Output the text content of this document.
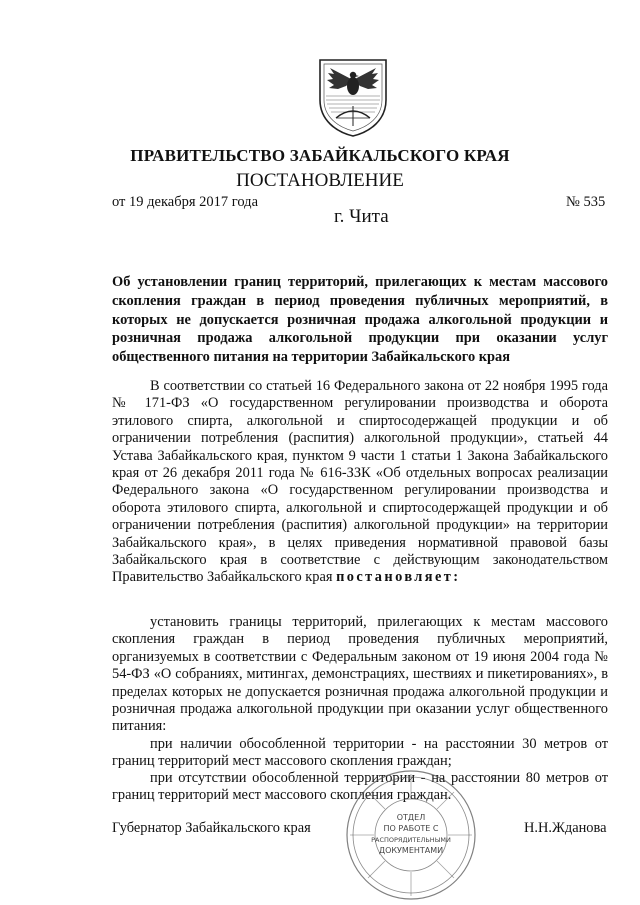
ПРАВИТЕЛЬСТВО ЗАБАЙКАЛЬСКОГО КРАЯ
ПОСТАНОВЛЕНИЕ
от 19 декабря 2017 года	№ 535
г. Чита
Об установлении границ территорий, прилегающих к местам массового скопления граждан в период проведения публичных мероприятий, в которых не допускается розничная продажа алкогольной продукции и розничная продажа алкогольной продукции при оказании услуг общественного питания на территории Забайкальского края
В соответствии со статьей 16 Федерального закона от 22 ноября 1995 года № 171-ФЗ «О государственном регулировании производства и оборота этилового спирта, алкогольной и спиртосодержащей продукции и об ограничении потребления (распития) алкогольной продукции», статьей 44 Устава Забайкальского края, пунктом 9 части 1 статьи 1 Закона Забайкальского края от 26 декабря 2011 года № 616-ЗЗК «Об отдельных вопросах реализации Федерального закона «О государственном регулировании производства и оборота этилового спирта, алкогольной и спиртосодержащей продукции и об ограничении потребления (распития) алкогольной продукции» на территории Забайкальского края», в целях приведения нормативной правовой базы Забайкальского края в соответствие с действующим законодательством Правительство Забайкальского края постановляет:
установить границы территорий, прилегающих к местам массового скопления граждан в период проведения публичных мероприятий, организуемых в соответствии с Федеральным законом от 19 июня 2004 года № 54-ФЗ «О собраниях, митингах, демонстрациях, шествиях и пикетированиях», в пределах которых не допускается розничная продажа алкогольной продукции и розничная продажа алкогольной продукции при оказании услуг общественного питания:
при наличии обособленной территории - на расстоянии 30 метров от границ территорий мест массового скопления граждан;
при отсутствии обособленной территории - на расстоянии 80 метров от границ территорий мест массового скопления граждан.
Губернатор Забайкальского края	Н.Н.Жданова
ОТДЕЛ
ПО РАБОТЕ С
РАСПОРЯДИТЕЛЬНЫМИ
ДОКУМЕНТАМИ
